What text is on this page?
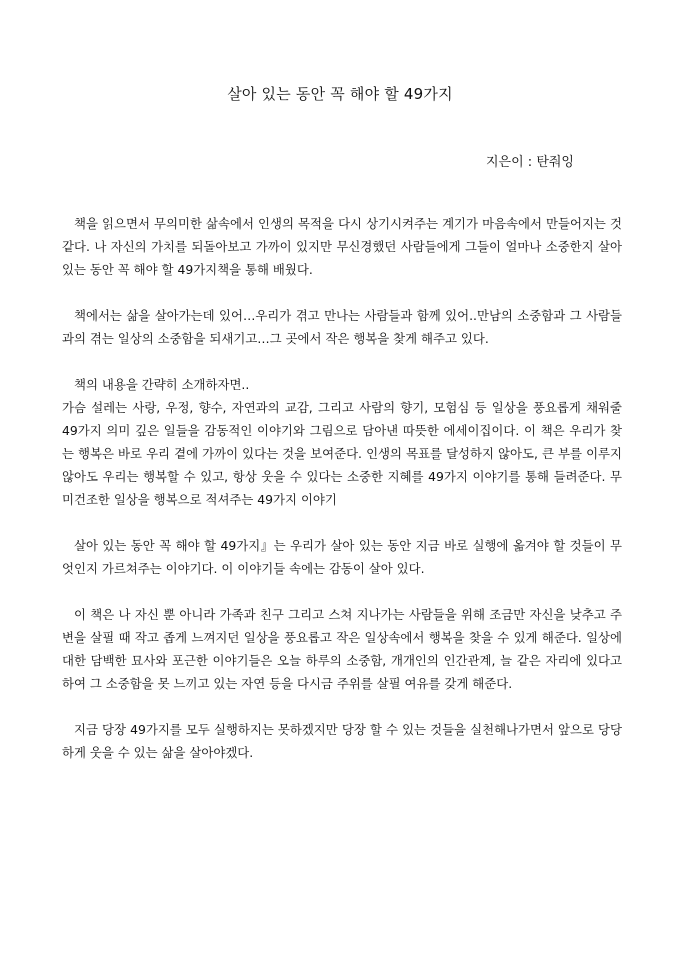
살아 있는 동안 꼭 해야 할 49가지
지은이 : 탄줘잉

책을 읽으면서 무의미한 삶속에서 인생의 목적을 다시 상기시켜주는 계기가 마음속에서 만들어지는 것 같다. 나 자신의 가치를 되돌아보고 가까이 있지만 무신경했던 사람들에게 그들이 얼마나 소중한지 살아 있는 동안 꼭 해야 할 49가지책을 통해 배웠다.

책에서는 삶을 살아가는데 있어…우리가 겪고 만나는 사람들과 함께 있어..만남의 소중함과 그 사람들과의 겪는 일상의 소중함을 되새기고…그 곳에서 작은 행복을 찾게 해주고 있다.

책의 내용을 간략히 소개하자면..

가슴 설레는 사랑, 우정, 향수, 자연과의 교감, 그리고 사람의 향기, 모험심 등 일상을 풍요롭게 채워줄 49가지 의미 깊은 일들을 감동적인 이야기와 그림으로 담아낸 따뜻한 에세이집이다. 이 책은 우리가 찾는 행복은 바로 우리 곁에 가까이 있다는 것을 보여준다. 인생의 목표를 달성하지 않아도, 큰 부를 이루지 않아도 우리는 행복할 수 있고, 항상 웃을 수 있다는 소중한 지혜를 49가지 이야기를 통해 들려준다. 무미건조한 일상을 행복으로 적셔주는 49가지 이야기

살아 있는 동안 꼭 해야 할 49가지』는 우리가 살아 있는 동안 지금 바로 실행에 옮겨야 할 것들이 무엇인지 가르쳐주는 이야기다. 이 이야기들 속에는 감동이 살아 있다.

이 책은 나 자신 뿐 아니라 가족과 친구 그리고 스쳐 지나가는 사람들을 위해 조금만 자신을 낮추고 주변을 살필 때 작고 좁게 느껴지던 일상을 풍요롭고 작은 일상속에서 행복을 찾을 수 있게 해준다. 일상에 대한 담백한 묘사와 포근한 이야기들은 오늘 하루의 소중함, 개개인의 인간관계, 늘 같은 자리에 있다고 하여 그 소중함을 못 느끼고 있는 자연 등을 다시금 주위를 살필 여유를 갖게 해준다.

지금 당장 49가지를 모두 실행하지는 못하겠지만 당장 할 수 있는 것들을 실천해나가면서 앞으로 당당하게 웃을 수 있는 삶을 살아야겠다.
